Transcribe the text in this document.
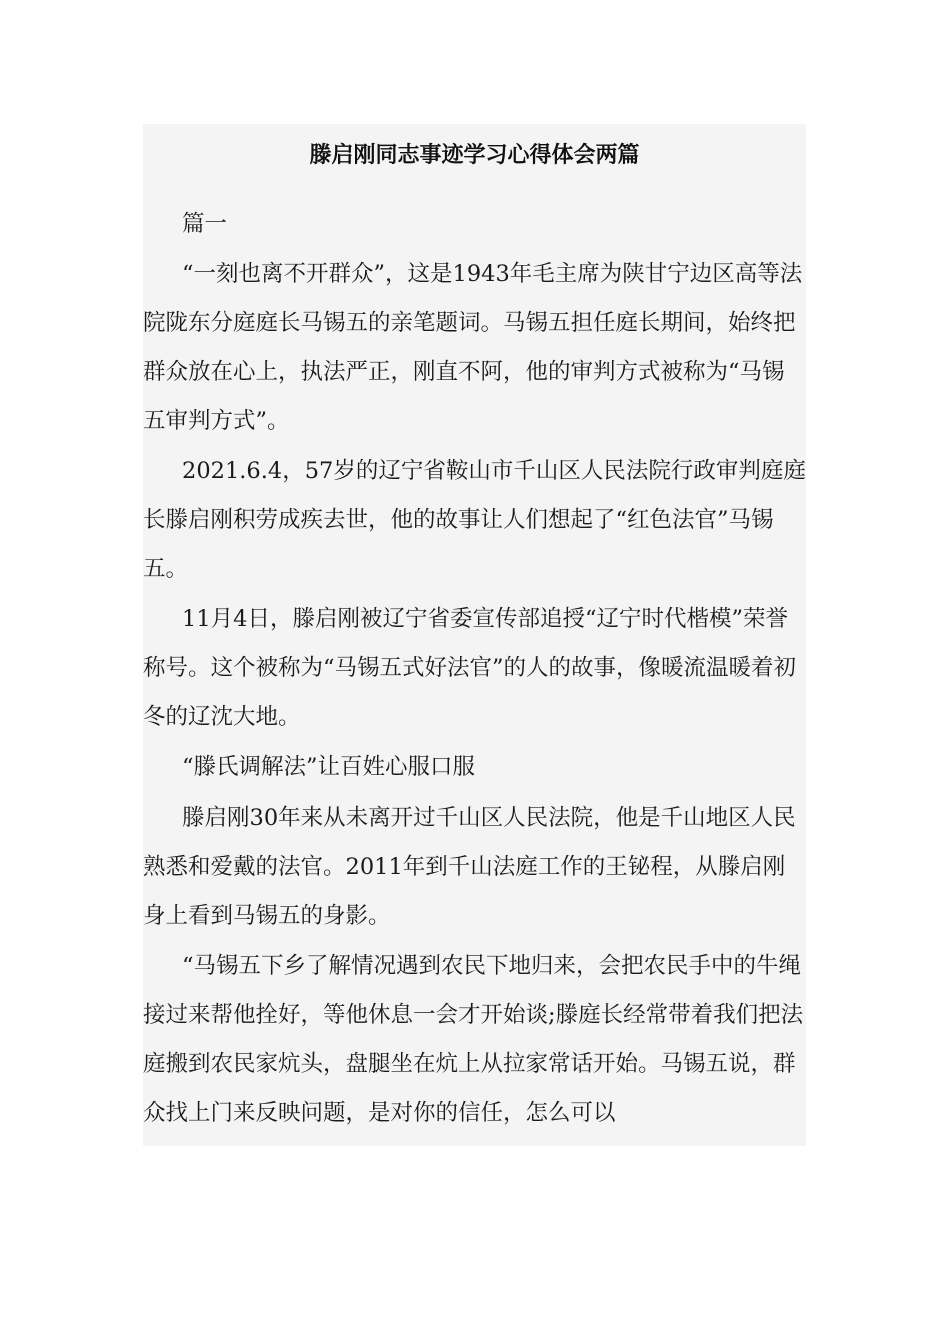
滕启刚同志事迹学习心得体会两篇

篇一

“一刻也离不开群众”，这是1943年毛主席为陕甘宁边区高等法院陇东分庭庭长马锡五的亲笔题词。马锡五担任庭长期间，始终把群众放在心上，执法严正，刚直不阿，他的审判方式被称为“马锡五审判方式”。

2021.6.4，57岁的辽宁省鞍山市千山区人民法院行政审判庭庭长滕启刚积劳成疾去世，他的故事让人们想起了“红色法官”马锡五。

11月4日，滕启刚被辽宁省委宣传部追授“辽宁时代楷模”荣誉称号。这个被称为“马锡五式好法官”的人的故事，像暖流温暖着初冬的辽沈大地。

“滕氏调解法”让百姓心服口服

滕启刚30年来从未离开过千山区人民法院，他是千山地区人民熟悉和爱戴的法官。2011年到千山法庭工作的王铋程，从滕启刚身上看到马锡五的身影。

“马锡五下乡了解情况遇到农民下地归来，会把农民手中的牛绳接过来帮他拴好，等他休息一会才开始谈;滕庭长经常带着我们把法庭搬到农民家炕头，盘腿坐在炕上从拉家常话开始。马锡五说，群众找上门来反映问题，是对你的信任，怎么可以
